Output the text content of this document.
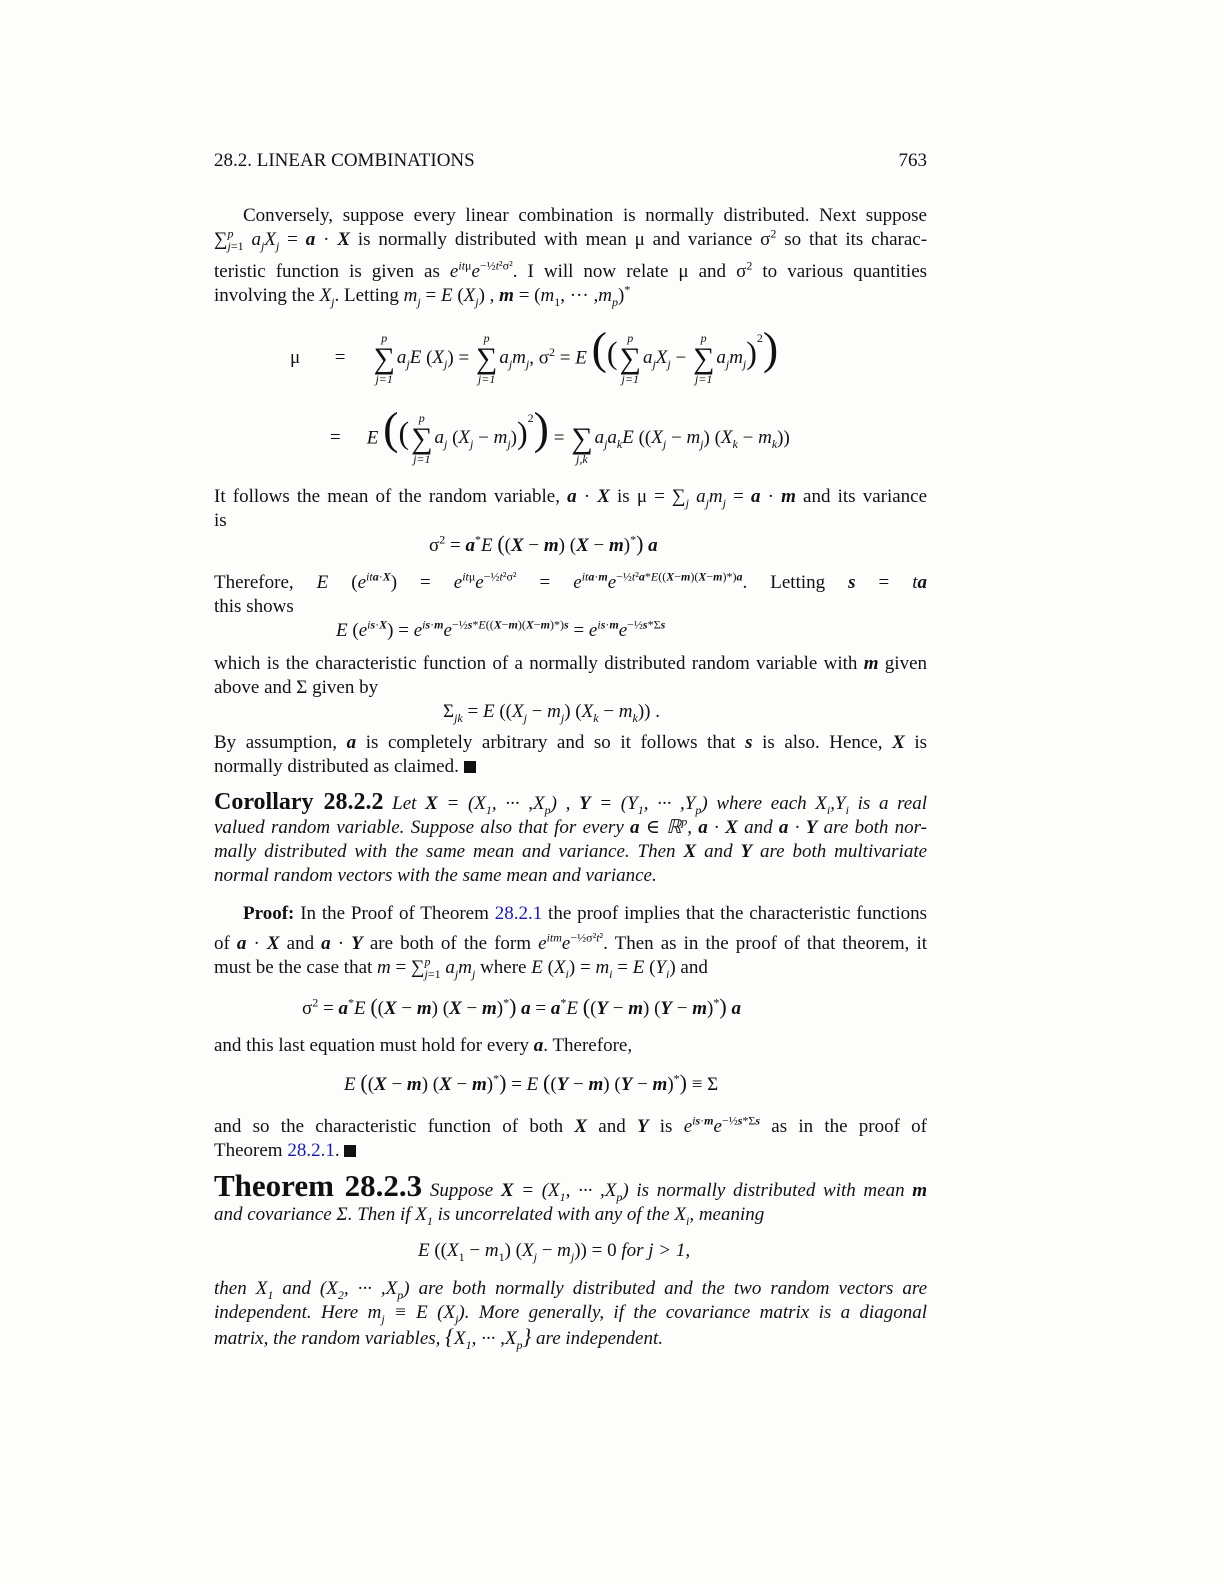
28.2. LINEAR COMBINATIONS	763
Conversely, suppose every linear combination is normally distributed. Next suppose
∑$^p_{j=1}$ $a_jX_j = a \cdot X$ is normally distributed with mean μ and variance $\sigma^2$ so that its charac-
teristic function is given as $e^{it\mu}e^{-\frac{1}{2}t^2\sigma^2}$. I will now relate μ and $\sigma^2$ to various quantities
involving the $X_j$. Letting $m_j = E$ $(X_j)$ , $m = (m_1$, ··· $,m_p)^*$
μ =
p
∑
j=1
$a_jE$ $(X_j)$ =
p
∑
j=1
$a_jm_j$, $\sigma^2 = E$ (( p
∑
j=1
$a_jX_j$ −
p
∑
j=1
$a_jm_j)^2$)
= E (( p
∑
j=1
$a_j$ $(X_j - m_j))^2$) =
∑
j,k
$a_ja_kE$ $((X_j - m_j) (X_k - m_k))$
It follows the mean of the random variable, a · X is $\mu = \sum_j$ $a_jm_j = a \cdot m$ and its variance
is
$\sigma^2 = a^*E$ ((X − m) (X − m)*) a
Therefore, E $(e^{ita\cdot X}) = e^{it\mu}e^{-\frac{1}{2}t^2\sigma^2} = e^{ita\cdot m}e^{-\frac{1}{2}t^2a*E((X-m)(X-m)*)a}$. Letting s = ta
this shows
E $(e^{is\cdot X}) = e^{is\cdot m}e^{-\frac{1}{2}s*E((X-m)(X-m)*)s} = e^{is\cdot m}e^{-\frac{1}{2}s*\Sigma s}$
which is the characteristic function of a normally distributed random variable with m given
above and Σ given by
$\Sigma_{jk} = E$ $((X_j - m_j) (X_k - m_k))$ .
By assumption, a is completely arbitrary and so it follows that s is also. Hence, X is
normally distributed as claimed.
Corollary 28.2.2 Let $X = (X_1$, ··· $,X_p$) , $Y = (Y_1$, ··· $,Y_p$) where each $X_i,Y_i$ is a real
valued random variable. Suppose also that for every a ∈ ℝ$^p$, a · X and a · Y are both nor-
mally distributed with the same mean and variance. Then X and Y are both multivariate
normal random vectors with the same mean and variance.
Proof: In the Proof of Theorem 28.2.1 the proof implies that the characteristic functions
of a · X and a · Y are both of the form $e^{itm}e^{-\frac{1}{2}\sigma^2t^2}$. Then as in the proof of that theorem, it
must be the case that m = ∑$^p_{j=1}$ $a_jm_j$ where E $(X_i) = m_i = E$ $(Y_i)$ and
$\sigma^2 = a^*E$ ((X − m) (X − m)*) a = a*E ((Y − m) (Y − m)*) a
and this last equation must hold for every a. Therefore,
E ((X − m) (X − m)*) = E ((Y − m) (Y − m)*) ≡ Σ
and so the characteristic function of both X and Y is $e^{is\cdot m}e^{-\frac{1}{2}s*\Sigma s}$ as in the proof of
Theorem 28.2.1.
Theorem 28.2.3 Suppose $X = (X_1$, ··· $,X_p$) is normally distributed with mean m
and covariance Σ. Then if $X_1$ is uncorrelated with any of the $X_i$, meaning
E $((X_1 - m_1) (X_j - m_j)) = 0$ for j > 1,
then $X_1$ and ($X_2$, ··· $,X_p$) are both normally distributed and the two random vectors are
independent. Here $m_j \equiv E$ $(X_j)$. More generally, if the covariance matrix is a diagonal
matrix, the random variables, {$X_1$, ··· $,X_p$} are independent.
